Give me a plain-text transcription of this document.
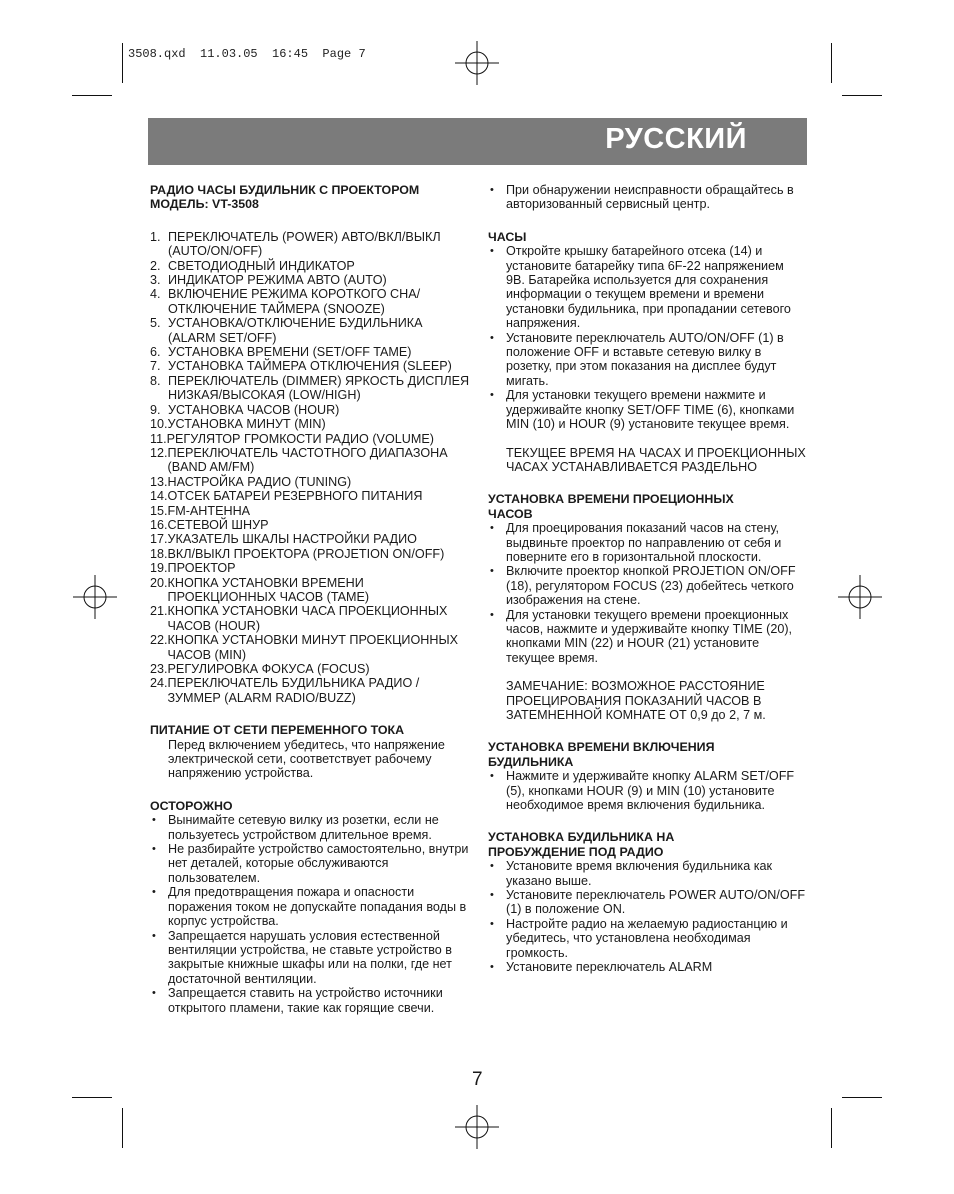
3508.qxd  11.03.05  16:45  Page 7
РУССКИЙ
РАДИО ЧАСЫ БУДИЛЬНИК С ПРОЕКТОРОМ
МОДЕЛЬ: VT-3508
1. ПЕРЕКЛЮЧАТЕЛЬ (POWER) АВТО/ВКЛ/ВЫКЛ (AUTO/ON/OFF)
2. СВЕТОДИОДНЫЙ ИНДИКАТОР
3. ИНДИКАТОР РЕЖИМА АВТО (AUTO)
4. ВКЛЮЧЕНИЕ РЕЖИМА КОРОТКОГО СНА/ОТКЛЮЧЕНИЕ ТАЙМЕРА (SNOOZE)
5. УСТАНОВКА/ОТКЛЮЧЕНИЕ БУДИЛЬНИКА (ALARM SET/OFF)
6. УСТАНОВКА ВРЕМЕНИ (SET/OFF TAME)
7. УСТАНОВКА ТАЙМЕРА ОТКЛЮЧЕНИЯ (SLEEP)
8. ПЕРЕКЛЮЧАТЕЛЬ (DIMMER) ЯРКОСТЬ ДИСПЛЕЯ НИЗКАЯ/ВЫСОКАЯ (LOW/HIGH)
9. УСТАНОВКА ЧАСОВ (HOUR)
10. УСТАНОВКА МИНУТ (MIN)
11. РЕГУЛЯТОР ГРОМКОСТИ РАДИО (VOLUME)
12. ПЕРЕКЛЮЧАТЕЛЬ ЧАСТОТНОГО ДИАПАЗОНА (BAND AM/FM)
13. НАСТРОЙКА РАДИО (TUNING)
14. ОТСЕК БАТАРЕИ РЕЗЕРВНОГО ПИТАНИЯ
15. FM-АНТЕННА
16. СЕТЕВОЙ ШНУР
17. УКАЗАТЕЛЬ ШКАЛЫ НАСТРОЙКИ РАДИО
18. ВКЛ/ВЫКЛ ПРОЕКТОРА (PROJETION ON/OFF)
19. ПРОЕКТОР
20. КНОПКА УСТАНОВКИ ВРЕМЕНИ ПРОЕКЦИОННЫХ ЧАСОВ (TAME)
21. КНОПКА УСТАНОВКИ ЧАСА ПРОЕКЦИОННЫХ ЧАСОВ (HOUR)
22. КНОПКА УСТАНОВКИ МИНУТ ПРОЕКЦИОННЫХ ЧАСОВ (MIN)
23. РЕГУЛИРОВКА ФОКУСА (FOCUS)
24. ПЕРЕКЛЮЧАТЕЛЬ БУДИЛЬНИКА РАДИО / ЗУММЕР (ALARM RADIO/BUZZ)
ПИТАНИЕ ОТ СЕТИ ПЕРЕМЕННОГО ТОКА
Перед включением убедитесь, что напряжение электрической сети, соответствует рабочему напряжению устройства.
ОСТОРОЖНО
• Вынимайте сетевую вилку из розетки, если не пользуетесь устройством длительное время.
• Не разбирайте устройство самостоятельно, внутри нет деталей, которые обслуживаются пользователем.
• Для предотвращения пожара и опасности поражения током не допускайте попадания воды в корпус устройства.
• Запрещается нарушать условия естественной вентиляции устройства, не ставьте устройство в закрытые книжные шкафы или на полки, где нет достаточной вентиляции.
• Запрещается ставить на устройство источники открытого пламени, такие как горящие свечи.
• При обнаружении неисправности обращайтесь в авторизованный сервисный центр.
ЧАСЫ
• Откройте крышку батарейного отсека (14) и установите батарейку типа 6F-22 напряжением 9В. Батарейка используется для сохранения информации о текущем времени и времени установки будильника, при пропадании сетевого напряжения.
• Установите переключатель AUTO/ON/OFF (1) в положение OFF и вставьте сетевую вилку в розетку, при этом показания на дисплее будут мигать.
• Для установки текущего времени нажмите и удерживайте кнопку SET/OFF TIME (6), кнопками MIN (10) и HOUR (9) установите текущее время.
ТЕКУЩЕЕ ВРЕМЯ НА ЧАСАХ И ПРОЕКЦИОННЫХ ЧАСАХ УСТАНАВЛИВАЕТСЯ РАЗДЕЛЬНО
УСТАНОВКА ВРЕМЕНИ ПРОЕЦИОННЫХ
ЧАСОВ
• Для проецирования показаний часов на стену, выдвиньте проектор по направлению от себя и поверните его в горизонтальной плоскости.
• Включите проектор кнопкой PROJETION ON/OFF (18), регулятором FOCUS (23) добейтесь четкого изображения на стене.
• Для установки текущего времени проекционных часов, нажмите и удерживайте кнопку TIME (20), кнопками MIN (22) и HOUR (21) установите текущее время.
ЗАМЕЧАНИЕ: ВОЗМОЖНОЕ РАССТОЯНИЕ ПРОЕЦИРОВАНИЯ ПОКАЗАНИЙ ЧАСОВ В ЗАТЕМНЕННОЙ КОМНАТЕ ОТ 0,9 до 2, 7 м.
УСТАНОВКА ВРЕМЕНИ ВКЛЮЧЕНИЯ
БУДИЛЬНИКА
• Нажмите и удерживайте кнопку ALARM SET/OFF (5), кнопками HOUR (9) и MIN (10) установите необходимое время включения будильника.
УСТАНОВКА БУДИЛЬНИКА НА
ПРОБУЖДЕНИЕ ПОД РАДИО
• Установите время включения будильника как указано выше.
• Установите переключатель POWER AUTO/ON/OFF (1) в положение ON.
• Настройте радио на желаемую радиостанцию и убедитесь, что установлена необходимая громкость.
• Установите переключатель ALARM
7
